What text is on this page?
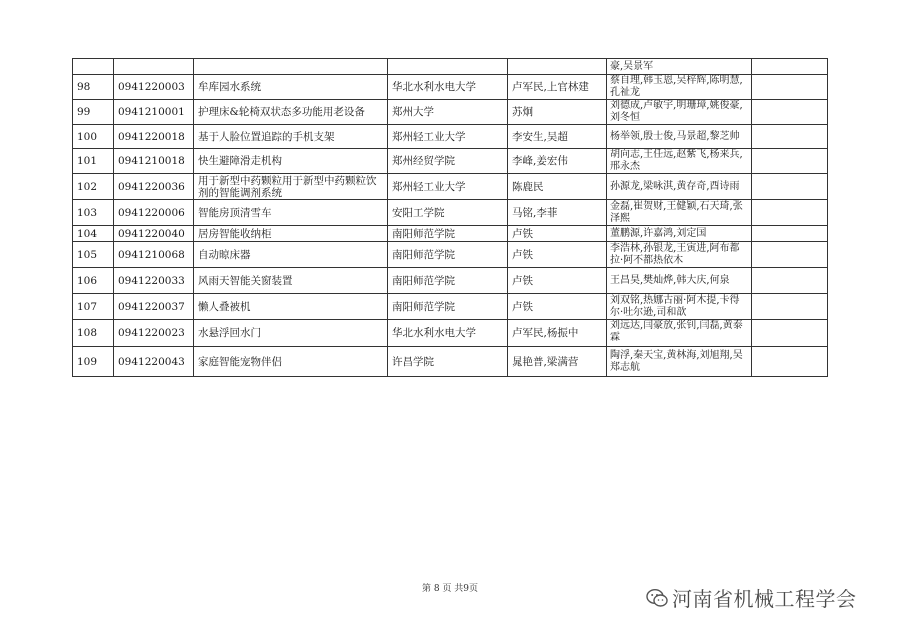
					豪,吴景军	
98	0941220003	牟库园水系统	华北水利水电大学	卢军民,上官林建	蔡自理,韩玉恩,吴梓辉,陈明慧,孔祉龙	
99	0941210001	护理床&轮椅双状态多功能用老设备	郑州大学	苏炯	刘德成,卢敏宇,明珊璋,姚俊豪,刘冬恒	
100	0941220018	基于人脸位置追踪的手机支架	郑州轻工业大学	李安生,吴超	杨举领,殷士俊,马景超,黎芝帅	
101	0941210018	快生避障滑走机构	郑州经贸学院	李峰,姜宏伟	胡向志,王任远,赵紫飞,杨来兵,邢永杰	
102	0941220036	用于新型中药颗粒用于新型中药颗粒饮剂的智能调剂系统	郑州轻工业大学	陈鹿民	孙源龙,梁咏淇,黄存奇,酉诗雨	
103	0941220006	智能房顶清雪车	安阳工学院	马铭,李菲	金磊,崔贺财,王健颖,石天琦,张泽熙	
104	0941220040	居房智能收纳柜	南阳师范学院	卢铁	董鹏源,许嘉鸿,刘定国	
105	0941210068	自动晾床器	南阳师范学院	卢铁	李浩林,孙银龙,王寅进,阿布都拉·阿不都热依木	
106	0941220033	风雨天智能关窗装置	南阳师范学院	卢铁	王昌昊,樊灿烨,韩大庆,何泉	
107	0941220037	懒人叠被机	南阳师范学院	卢铁	刘双铭,热娜古丽·阿木提,卡得尔·吐尔逊,司和歆	
108	0941220023	水悬浮回水门	华北水利水电大学	卢军民,杨振中	刘远达,闫豪放,张钊,闫磊,黄泰霖	
109	0941220043	家庭智能宠物伴侣	许昌学院	晁艳普,梁满营	陶浮,秦天宝,黄林海,刘旭翔,吴郑志航	
第 8 页 共9页	河南省机械工程学会
